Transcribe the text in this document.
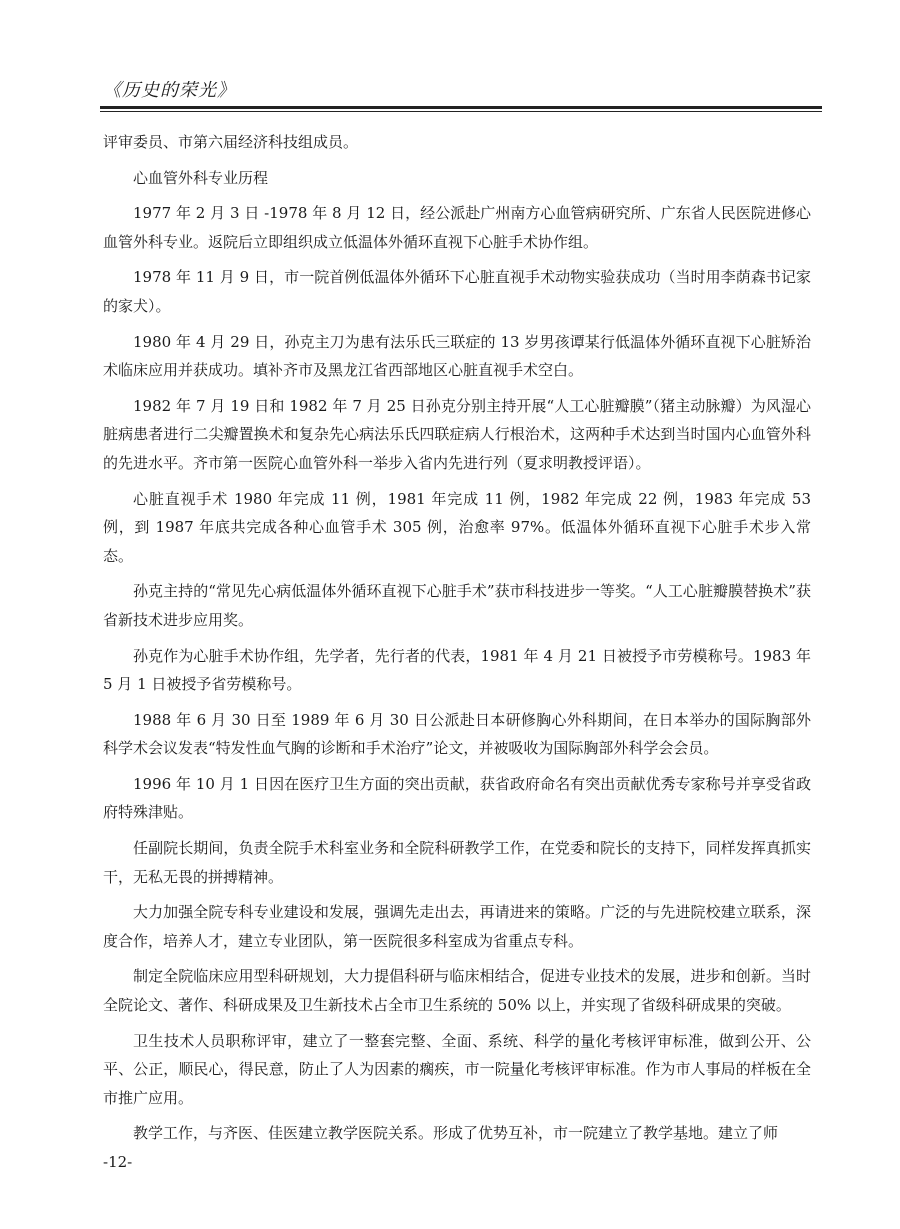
《历史的荣光》

评审委员、市第六届经济科技组成员。

心血管外科专业历程

1977 年 2 月 3 日 -1978 年 8 月 12 日，经公派赴广州南方心血管病研究所、广东省人民医院进修心血管外科专业。返院后立即组织成立低温体外循环直视下心脏手术协作组。

1978 年 11 月 9 日，市一院首例低温体外循环下心脏直视手术动物实验获成功（当时用李荫森书记家的家犬）。

1980 年 4 月 29 日，孙克主刀为患有法乐氏三联症的 13 岁男孩谭某行低温体外循环直视下心脏矫治术临床应用并获成功。填补齐市及黑龙江省西部地区心脏直视手术空白。

1982 年 7 月 19 日和 1982 年 7 月 25 日孙克分别主持开展“人工心脏瓣膜”（猪主动脉瓣）为风湿心脏病患者进行二尖瓣置换术和复杂先心病法乐氏四联症病人行根治术，这两种手术达到当时国内心血管外科的先进水平。齐市第一医院心血管外科一举步入省内先进行列（夏求明教授评语）。

心脏直视手术 1980 年完成 11 例，1981 年完成 11 例，1982 年完成 22 例，1983 年完成 53 例，到 1987 年底共完成各种心血管手术 305 例，治愈率 97%。低温体外循环直视下心脏手术步入常态。

孙克主持的“常见先心病低温体外循环直视下心脏手术”获市科技进步一等奖。“人工心脏瓣膜替换术”获省新技术进步应用奖。

孙克作为心脏手术协作组，先学者，先行者的代表，1981 年 4 月 21 日被授予市劳模称号。1983 年 5 月 1 日被授予省劳模称号。

1988 年 6 月 30 日至 1989 年 6 月 30 日公派赴日本研修胸心外科期间，在日本举办的国际胸部外科学术会议发表“特发性血气胸的诊断和手术治疗”论文，并被吸收为国际胸部外科学会会员。

1996 年 10 月 1 日因在医疗卫生方面的突出贡献，获省政府命名有突出贡献优秀专家称号并享受省政府特殊津贴。

任副院长期间，负责全院手术科室业务和全院科研教学工作，在党委和院长的支持下，同样发挥真抓实干，无私无畏的拼搏精神。

大力加强全院专科专业建设和发展，强调先走出去，再请进来的策略。广泛的与先进院校建立联系，深度合作，培养人才，建立专业团队，第一医院很多科室成为省重点专科。

制定全院临床应用型科研规划，大力提倡科研与临床相结合，促进专业技术的发展，进步和创新。当时全院论文、著作、科研成果及卫生新技术占全市卫生系统的 50% 以上，并实现了省级科研成果的突破。

卫生技术人员职称评审，建立了一整套完整、全面、系统、科学的量化考核评审标准，做到公开、公平、公正，顺民心，得民意，防止了人为因素的瘸疾，市一院量化考核评审标准。作为市人事局的样板在全市推广应用。

教学工作，与齐医、佳医建立教学医院关系。形成了优势互补，市一院建立了教学基地。建立了师

-12-
